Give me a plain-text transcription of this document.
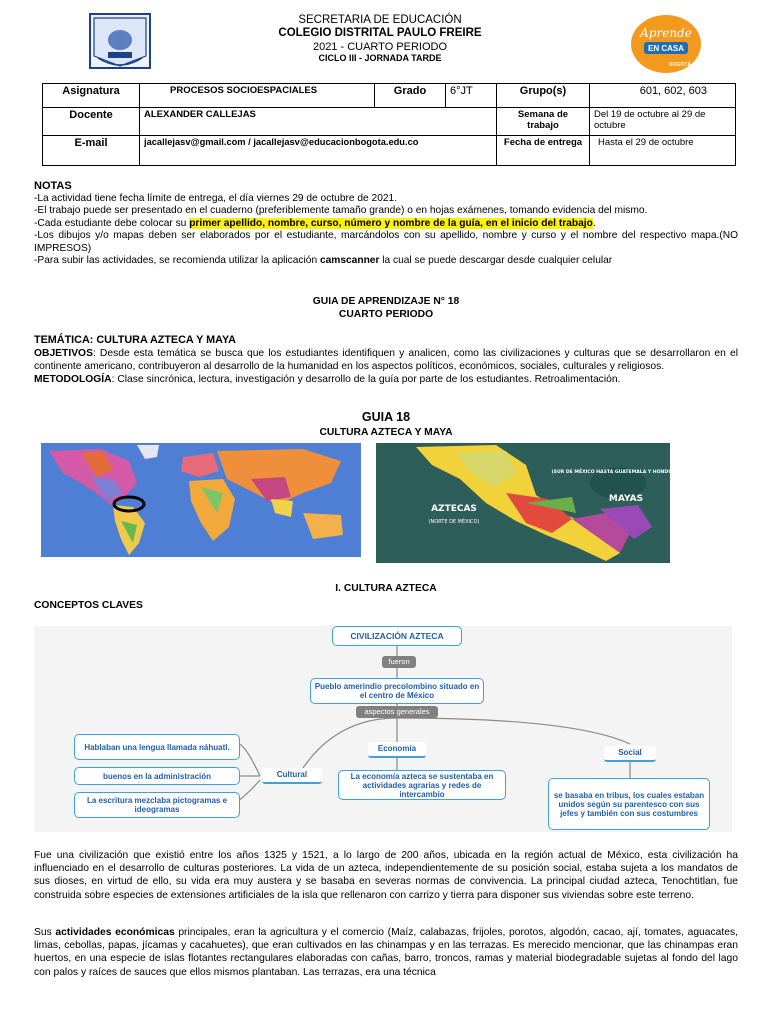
SECRETARIA DE EDUCACIÓN
COLEGIO DISTRITAL PAULO FREIRE
2021 - CUARTO PERIODO
CICLO III - JORNADA TARDE
Aprende
EN CASA
BOGOTÁ
Asignatura	PROCESOS SOCIOESPACIALES	Grado	6°JT	Grupo(s)	601, 602, 603
Docente	ALEXANDER CALLEJAS			Semana de trabajo	Del 19 de octubre al 29 de octubre
E-mail	jacallejasv@gmail.com / jacallejasv@educacionbogota.edu.co			Fecha de entrega	Hasta el 29 de octubre
NOTAS
-La actividad tiene fecha límite de entrega, el día viernes 29 de octubre de 2021.
-El trabajo puede ser presentado en el cuaderno (preferiblemente tamaño grande) o en hojas exámenes, tomando evidencia del mismo.
-Cada estudiante debe colocar su primer apellido, nombre, curso, número y nombre de la guía, en el inicio del trabajo.
-Los dibujos y/o mapas deben ser elaborados por el estudiante, marcándolos con su apellido, nombre y curso y el nombre del respectivo mapa.(NO IMPRESOS)
-Para subir las actividades, se recomienda utilizar la aplicación camscanner la cual se puede descargar desde cualquier celular
GUIA DE APRENDIZAJE N° 18
CUARTO PERIODO
TEMÁTICA: CULTURA AZTECA Y MAYA
OBJETIVOS: Desde esta temática se busca que los estudiantes identifiquen y analicen, como las civilizaciones y culturas que se desarrollaron en el continente americano, contribuyeron al desarrollo de la humanidad en los aspectos políticos, económicos, sociales, culturales y religiosos.
METODOLOGÍA: Clase sincrónica, lectura, investigación y desarrollo de la guía por parte de los estudiantes. Retroalimentación.
GUIA 18
CULTURA AZTECA Y MAYA
(SUR DE MÉXICO HASTA GUATEMALA Y HONDURAS)
MAYAS
AZTECAS
(NORTE DE MÉXICO)
I. CULTURA AZTECA
CONCEPTOS CLAVES
CIVILIZACIÓN AZTECA
fueron
Pueblo amerindio precolombino situado en el centro de México
aspectos generales
Cultural
Economía	Social
Hablaban una lengua llamada náhuatl.
buenos en la administración
La escritura mezclaba pictogramas e ideogramas
La economía azteca se sustentaba en actividades agrarias y redes de intercambio	se basaba en tribus, los cuales estaban unidos según su parentesco con sus jefes y también con sus costumbres
Fue una civilización que existió entre los años 1325 y 1521, a lo largo de 200 años, ubicada en la región actual de México, esta civilización ha influenciado en el desarrollo de culturas posteriores. La vida de un azteca, independientemente de su posición social, estaba sujeta a los mandatos de sus dioses, en virtud de ello, su vida era muy austera y se basaba en severas normas de convivencia. La principal ciudad azteca, Tenochtitlan, fue construida sobre especies de extensiones artificiales de la isla que rellenaron con carrizo y tierra para disponer sus viviendas sobre este terreno.
Sus actividades económicas principales, eran la agricultura y el comercio (Maíz, calabazas, frijoles, porotos, algodón, cacao, ají, tomates, aguacates, limas, cebollas, papas, jícamas y cacahuetes), que eran cultivados en las chinampas y en las terrazas. Es merecido mencionar, que las chinampas eran huertos, en una especie de islas flotantes rectangulares elaboradas con cañas, barro, troncos, ramas y material biodegradable sujetas al fondo del lago con palos y raíces de sauces que ellos mismos plantaban. Las terrazas, era una técnica
